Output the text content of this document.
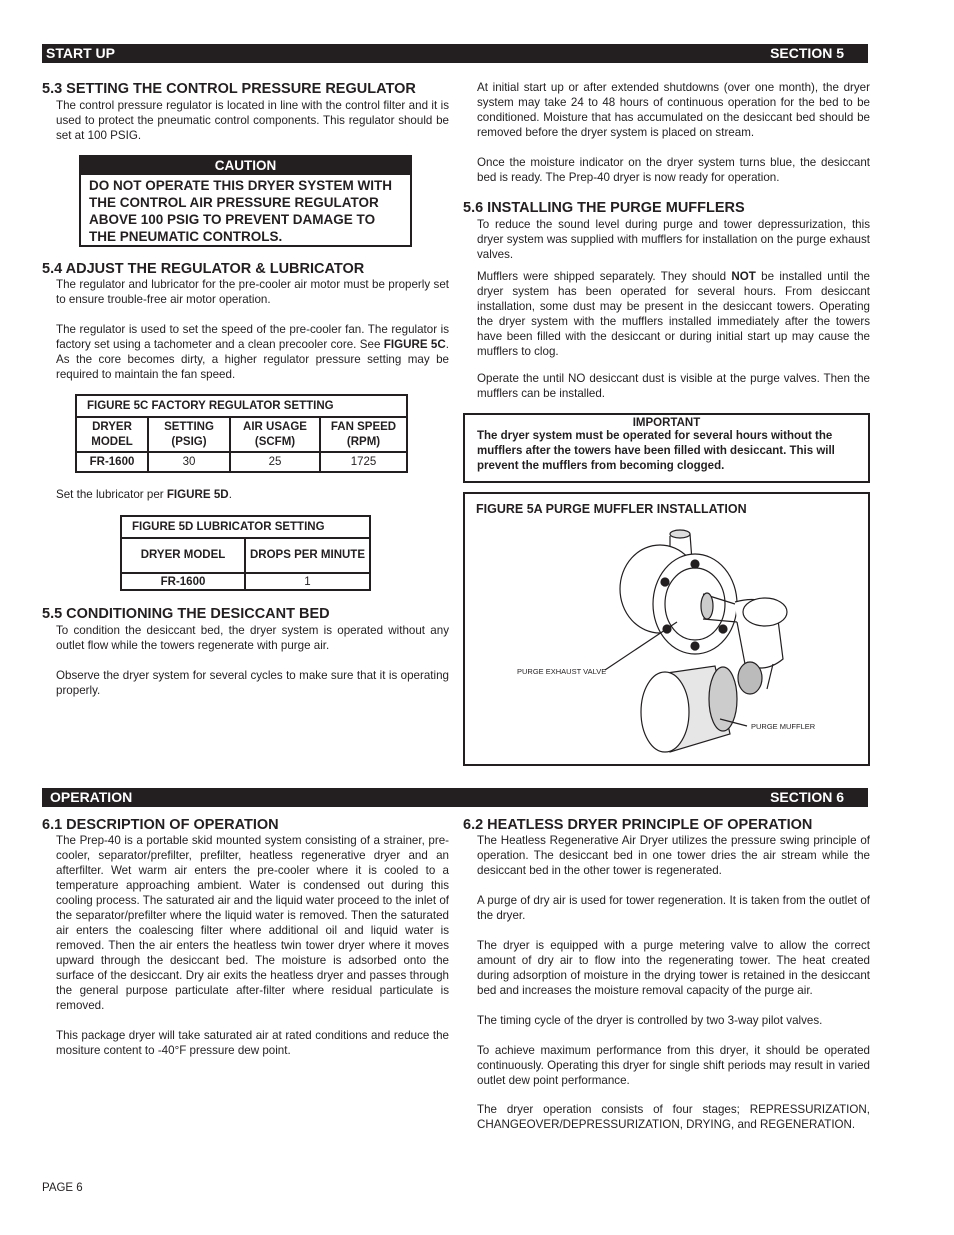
START UP	SECTION 5
5.3 SETTING THE CONTROL PRESSURE REGULATOR

The control pressure regulator is located in line with the control filter and it is used to protect the pneumatic control components. This regulator should be set at 100 PSIG.

CAUTION
DO NOT OPERATE THIS DRYER SYSTEM WITH THE CONTROL AIR PRESSURE REGULATOR ABOVE 100 PSIG TO PREVENT DAMAGE TO THE PNEUMATIC CONTROLS.
5.4 ADJUST THE REGULATOR & LUBRICATOR

The regulator and lubricator for the pre-cooler air motor must be properly set to ensure trouble-free air motor operation.

The regulator is used to set the speed of the pre-cooler fan. The regulator is factory set using a tachometer and a clean precooler core. See FIGURE 5C. As the core becomes dirty, a higher regulator pressure setting may be required to maintain the fan speed.

FIGURE 5C FACTORY REGULATOR SETTING			
DRYER MODEL	SETTING (PSIG)	AIR USAGE (SCFM)	FAN SPEED (RPM)
FR-1600	30	25	1725

Set the lubricator per FIGURE 5D.

FIGURE 5D LUBRICATOR SETTING	
DRYER MODEL	DROPS PER MINUTE
FR-1600	1
5.5 CONDITIONING THE DESICCANT BED

To condition the desiccant bed, the dryer system is operated without any outlet flow while the towers regenerate with purge air.

Observe the dryer system for several cycles to make sure that it is operating properly.

At initial start up or after extended shutdowns (over one month), the dryer system may take 24 to 48 hours of continuous operation for the bed to be conditioned. Moisture that has accumulated on the desiccant bed should be removed before the dryer system is placed on stream.

Once the moisture indicator on the dryer system turns blue, the desiccant bed is ready. The Prep-40 dryer is now ready for operation.

5.6 INSTALLING THE PURGE MUFFLERS

To reduce the sound level during purge and tower depressurization, this dryer system was supplied with mufflers for installation on the purge exhaust valves.

Mufflers were shipped separately. They should NOT be installed until the dryer system has been operated for several hours. From desiccant installation, some dust may be present in the desiccant towers. Operating the dryer system with the mufflers installed immediately after the towers have been filled with the desiccant or during initial start up may cause the mufflers to clog.

Operate the until NO desiccant dust is visible at the purge valves. Then the mufflers can be installed.

IMPORTANT
The dryer system must be operated for several hours without the mufflers after the towers have been filled with desiccant. This will prevent the mufflers from becoming clogged.
FIGURE 5A PURGE MUFFLER INSTALLATION
PURGE EXHAUST VALVE
PURGE MUFFLER
OPERATION	SECTION 6
6.1 DESCRIPTION OF OPERATION

The Prep-40 is a portable skid mounted system consisting of a strainer, pre-cooler, separator/prefilter, prefilter, heatless regenerative dryer and an afterfilter. Wet warm air enters the pre-cooler where it is cooled to a temperature approaching ambient. Water is condensed out during this cooling process. The saturated air and the liquid water proceed to the inlet of the separator/prefilter where the liquid water is removed. Then the saturated air enters the coalescing filter where additional oil and liquid water is removed. Then the air enters the heatless twin tower dryer where it moves upward through the desiccant bed. The moisture is adsorbed onto the surface of the desiccant. Dry air exits the heatless dryer and passes through the general purpose particulate after-filter where residual particulate is removed.

This package dryer will take saturated air at rated conditions and reduce the mositure content to -40°F pressure dew point.

6.2 HEATLESS DRYER PRINCIPLE OF OPERATION

The Heatless Regenerative Air Dryer utilizes the pressure swing principle of operation. The desiccant bed in one tower dries the air stream while the desiccant bed in the other tower is regenerated.

A purge of dry air is used for tower regeneration. It is taken from the outlet of the dryer.

The dryer is equipped with a purge metering valve to allow the correct amount of dry air to flow into the regenerating tower. The heat created during adsorption of moisture in the drying tower is retained in the desiccant bed and increases the moisture removal capacity of the purge air.

The timing cycle of the dryer is controlled by two 3-way pilot valves.

To achieve maximum performance from this dryer, it should be operated continuously. Operating this dryer for single shift periods may result in varied outlet dew point performance.

The dryer operation consists of four stages; REPRESSURIZATION, CHANGEOVER/DEPRESSURIZATION, DRYING, and REGENERATION.

PAGE 6
